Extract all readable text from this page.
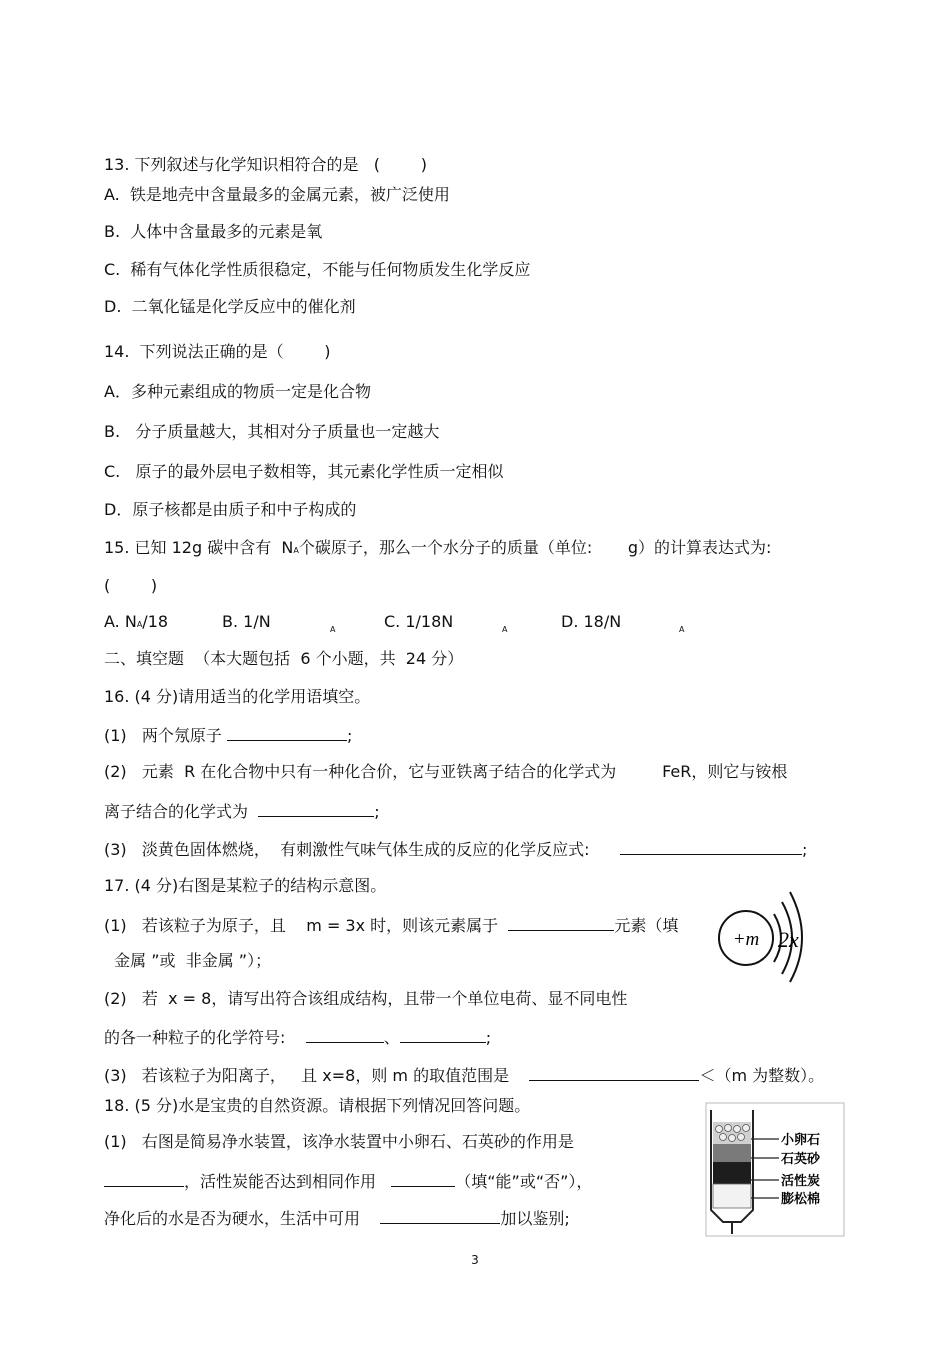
13. 下列叙述与化学知识相符合的是   (        )
A.  铁是地壳中含量最多的金属元素，被广泛使用
B.  人体中含量最多的元素是氧
C.  稀有气体化学性质很稳定，不能与任何物质发生化学反应
D.  二氧化锰是化学反应中的催化剂
14.  下列说法正确的是（        )
A．多种元素组成的物质一定是化合物
B.   分子质量越大，其相对分子质量也一定越大
C.   原子的最外层电子数相等，其元素化学性质一定相似
D．原子核都是由质子和中子构成的
15. 已知 12g 碳中含有  NA个碳原子，那么一个水分子的质量（单位:       g）的计算表达式为:
(        )
A. NA/18	B. 1/N	A	C. 1/18N	A	D. 18/N	A
二、填空题  （本大题包括  6 个小题，共  24 分）
16. (4 分)请用适当的化学用语填空。
(1)   两个氖原子	;
(2)   元素  R 在化合物中只有一种化合价，它与亚铁离子结合的化学式为         FeR，则它与铵根
离子结合的化学式为	;
(3)   淡黄色固体燃烧，  有刺激性气味气体生成的反应的化学反应式:	;
17. (4 分)右图是某粒子的结构示意图。
(1)   若该粒子为原子，且    m = 3x 时，则该元素属于	元素（填
金属 ”或  非金属 ”）；
(2)   若  x = 8，请写出符合该组成结构，且带一个单位电荷、显不同电性
的各一种粒子的化学符号:	、	;
(3)   若该粒子为阳离子，   且 x=8，则 m 的取值范围是	＜（m 为整数）。
+m 2x
18. (5 分)水是宝贵的自然资源。请根据下列情况回答问题。
(1)   右图是简易净水装置，该净水装置中小卵石、石英砂的作用是
，活性炭能否达到相同作用	（填“能”或“否”），
净化后的水是否为硬水，生活中可用	加以鉴别;
小卵石
石英砂
活性炭
膨松棉
3
